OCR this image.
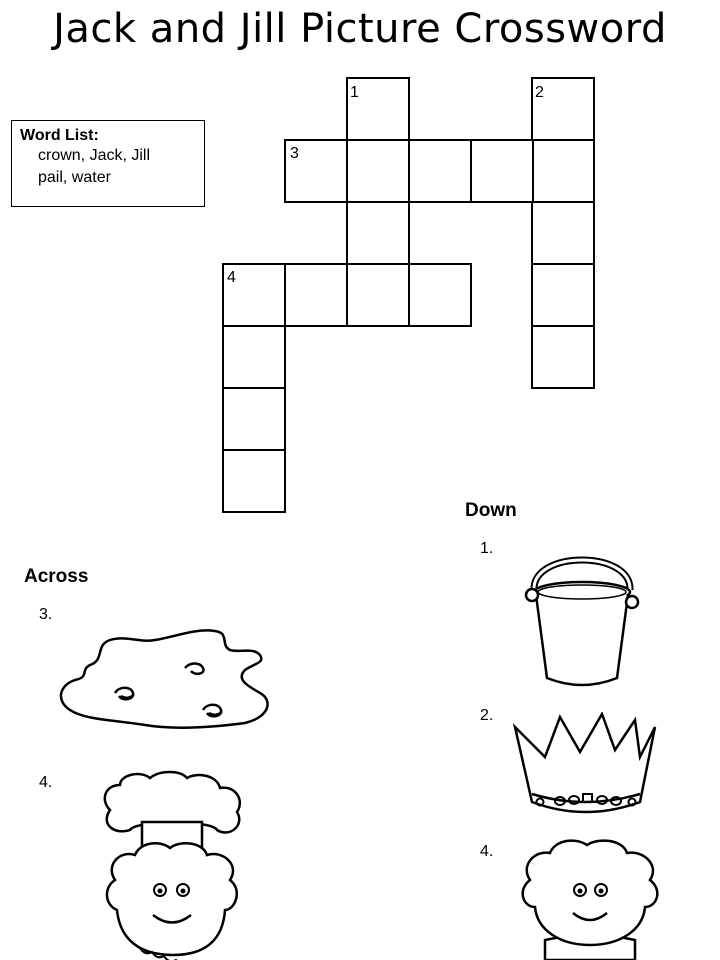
Jack and Jill Picture Crossword
Word List:
crown, Jack, Jill
pail, water
1	2
3
4
Across
3.
4.
Down
1.
2.
4.
